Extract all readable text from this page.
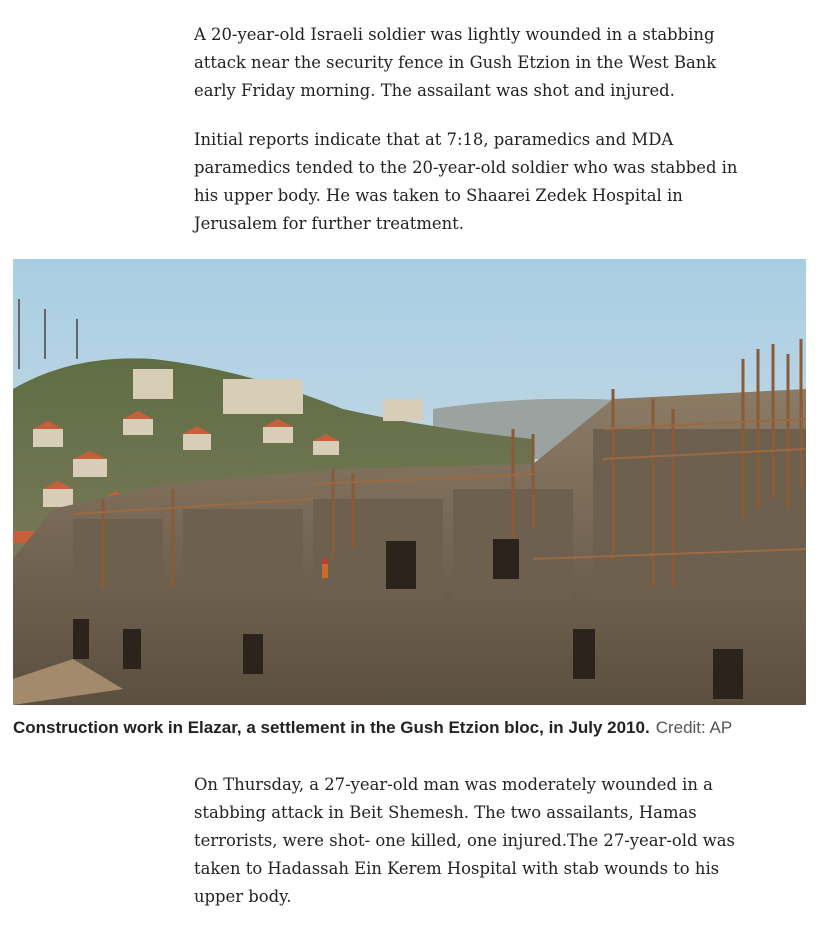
A 20-year-old Israeli soldier was lightly wounded in a stabbing attack near the security fence in Gush Etzion in the West Bank early Friday morning. The assailant was shot and injured.

Initial reports indicate that at 7:18, paramedics and MDA paramedics tended to the 20-year-old soldier who was stabbed in his upper body. He was taken to Shaarei Zedek Hospital in Jerusalem for further treatment.

Construction work in Elazar, a settlement in the Gush Etzion bloc, in July 2010. Credit: AP

On Thursday, a 27-year-old man was moderately wounded in a stabbing attack in Beit Shemesh. The two assailants, Hamas terrorists, were shot- one killed, one injured.The 27-year-old was taken to Hadassah Ein Kerem Hospital with stab wounds to his upper body.
